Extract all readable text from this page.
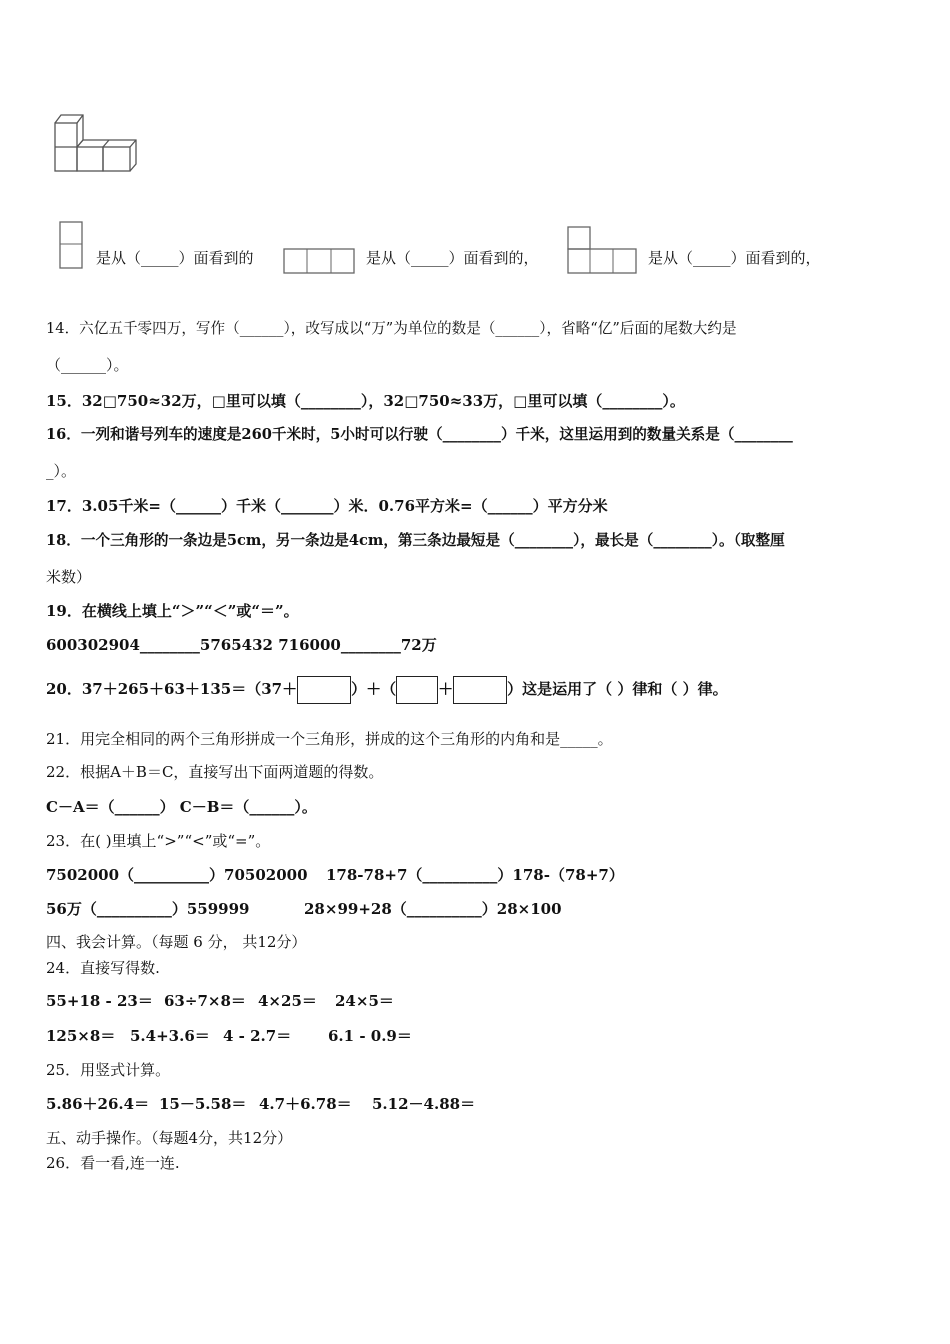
是从（_____）面看到的	是从（_____）面看到的，	是从（_____）面看到的，
14．六亿五千零四万，写作（______），改写成以“万”为单位的数是（______），省略“亿”后面的尾数大约是
（______）。
15．32□750≈32万，□里可以填（________），32□750≈33万，□里可以填（________）。
16．一列和谐号列车的速度是260千米时，5小时可以行驶（________）千米，这里运用到的数量关系是（________
_）。
17．3.05千米=（______）千米（_______）米．0.76平方米=（______）平方分米
18．一个三角形的一条边是5cm，另一条边是4cm，第三条边最短是（________），最长是（________）。（取整厘
米数）
19．在横线上填上“＞”“＜”或“＝”。
600302904________5765432 716000________72万
20．37＋265＋63＋135＝（37＋	）＋（	＋	）这是运用了（ ）律和（ ）律。
21．用完全相同的两个三角形拼成一个三角形，拼成的这个三角形的内角和是_____。
22．根据A＋B＝C，直接写出下面两道题的得数。
C－A＝（______） C－B＝（______）。
23．在( )里填上“>”“<”或“=”。
7502000（__________）70502000 178-78+7（__________）178-（78+7）
56万（__________）559999	28×99+28（__________）28×100
四、我会计算。（每题 6 分， 共12分）
24．直接写得数.
55+18 - 23＝ 63÷7×8＝ 4×25＝ 24×5＝
125×8＝ 5.4+3.6＝ 4 - 2.7＝ 6.1 - 0.9＝
25．用竖式计算。
5.86＋26.4＝ 15－5.58＝ 4.7＋6.78＝ 5.12－4.88＝
五、动手操作。（每题4分，共12分）
26．看一看,连一连.
